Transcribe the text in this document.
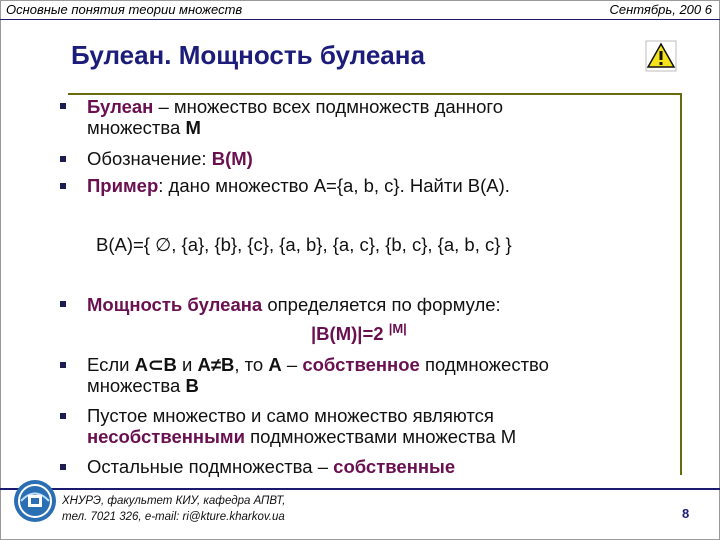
Основные понятия теории множеств	Сентябрь, 200 6
Булеан. Мощность булеана
Булеан – множество всех подмножеств данного
множества M
Обозначение: B(M)
Пример: дано множество A={a, b, c}. Найти B(A).
B(A)={ ∅, {a}, {b}, {c}, {a, b}, {a, c}, {b, c}, {a, b, c} }
Мощность булеана определяется по формуле:
|B(M)|=2 $^{|M|}$
Если A⊂B и A≠B, то A – собственное подмножество
множества B
Пустое множество и само множество являются
несобственными подмножествами множества M
Остальные подмножества – собственные
ХНУРЭ, факультет КИУ, кафедра АПВТ,
тел. 7021 326, e-mail: ri@kture.kharkov.ua	8
